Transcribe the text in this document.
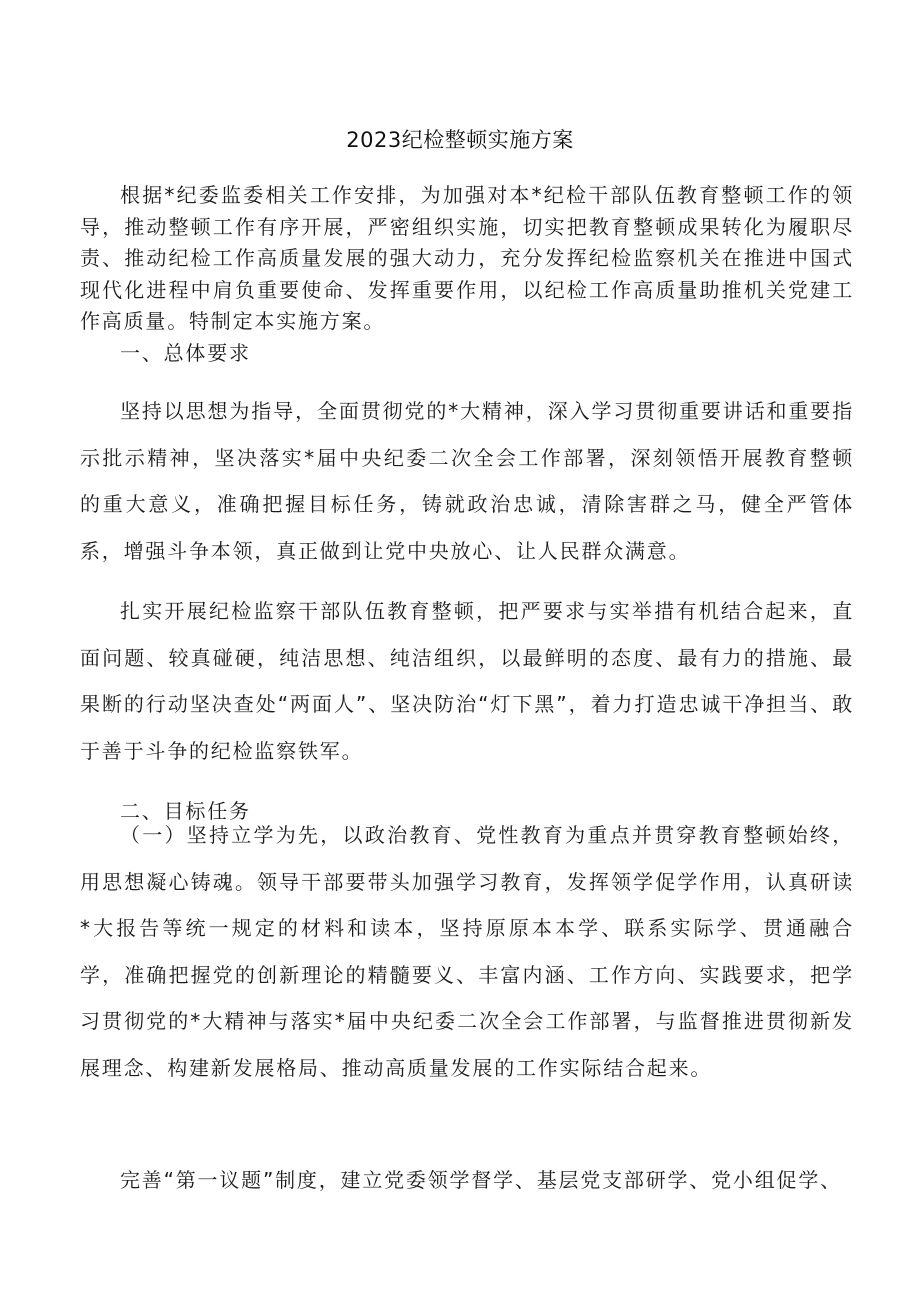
2023纪检整顿实施方案

根据*纪委监委相关工作安排，为加强对本*纪检干部队伍教育整顿工作的领导，推动整顿工作有序开展，严密组织实施，切实把教育整顿成果转化为履职尽责、推动纪检工作高质量发展的强大动力，充分发挥纪检监察机关在推进中国式现代化进程中肩负重要使命、发挥重要作用，以纪检工作高质量助推机关党建工作高质量。特制定本实施方案。

一、总体要求

坚持以思想为指导，全面贯彻党的*大精神，深入学习贯彻重要讲话和重要指示批示精神，坚决落实*届中央纪委二次全会工作部署，深刻领悟开展教育整顿的重大意义，准确把握目标任务，铸就政治忠诚，清除害群之马，健全严管体系，增强斗争本领，真正做到让党中央放心、让人民群众满意。

扎实开展纪检监察干部队伍教育整顿，把严要求与实举措有机结合起来，直面问题、较真碰硬，纯洁思想、纯洁组织，以最鲜明的态度、最有力的措施、最果断的行动坚决查处“两面人”、坚决防治“灯下黑”，着力打造忠诚干净担当、敢于善于斗争的纪检监察铁军。

二、目标任务

（一）坚持立学为先，以政治教育、党性教育为重点并贯穿教育整顿始终，用思想凝心铸魂。领导干部要带头加强学习教育，发挥领学促学作用，认真研读*大报告等统一规定的材料和读本，坚持原原本本学、联系实际学、贯通融合学，准确把握党的创新理论的精髓要义、丰富内涵、工作方向、实践要求，把学习贯彻党的*大精神与落实*届中央纪委二次全会工作部署，与监督推进贯彻新发展理念、构建新发展格局、推动高质量发展的工作实际结合起来。

完善“第一议题”制度，建立党委领学督学、基层党支部研学、党小组促学、
